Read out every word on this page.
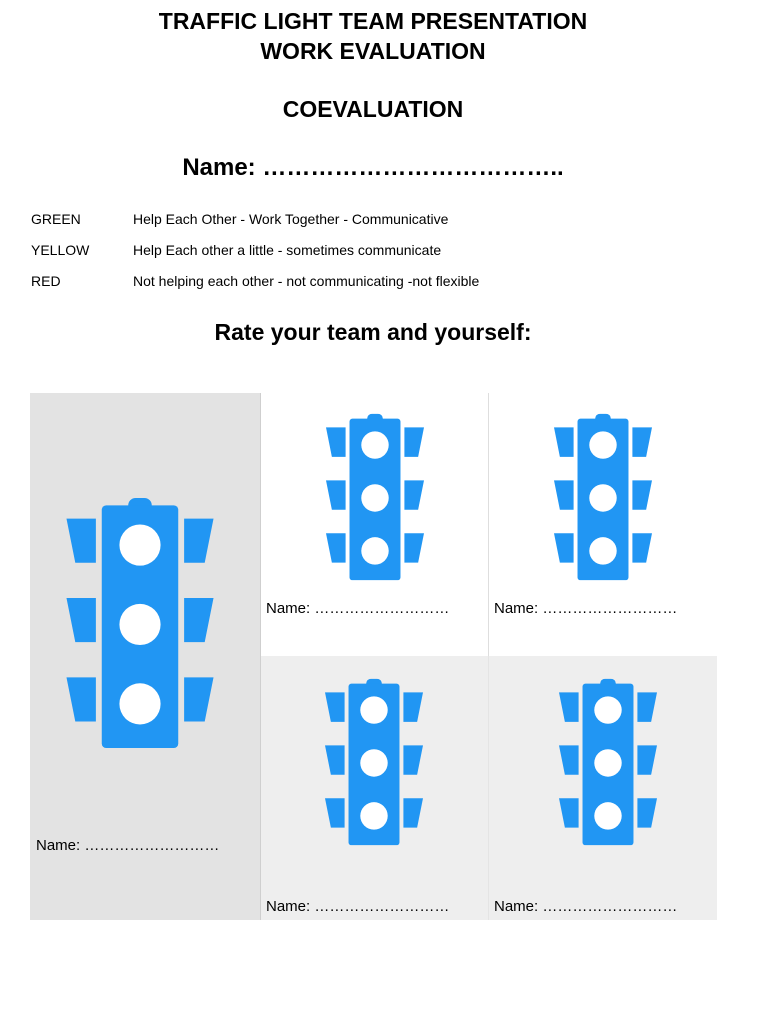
TRAFFIC LIGHT TEAM PRESENTATION
WORK EVALUATION
COEVALUATION
Name: ………………………………..
GREEN	Help Each Other - Work Together - Communicative
YELLOW	Help Each other a little - sometimes communicate
RED	Not helping each other - not communicating -not flexible
Rate your team and yourself:
Name: ………………………
Name: ………………………	Name: ………………………
Name: ………………………	Name: ………………………
